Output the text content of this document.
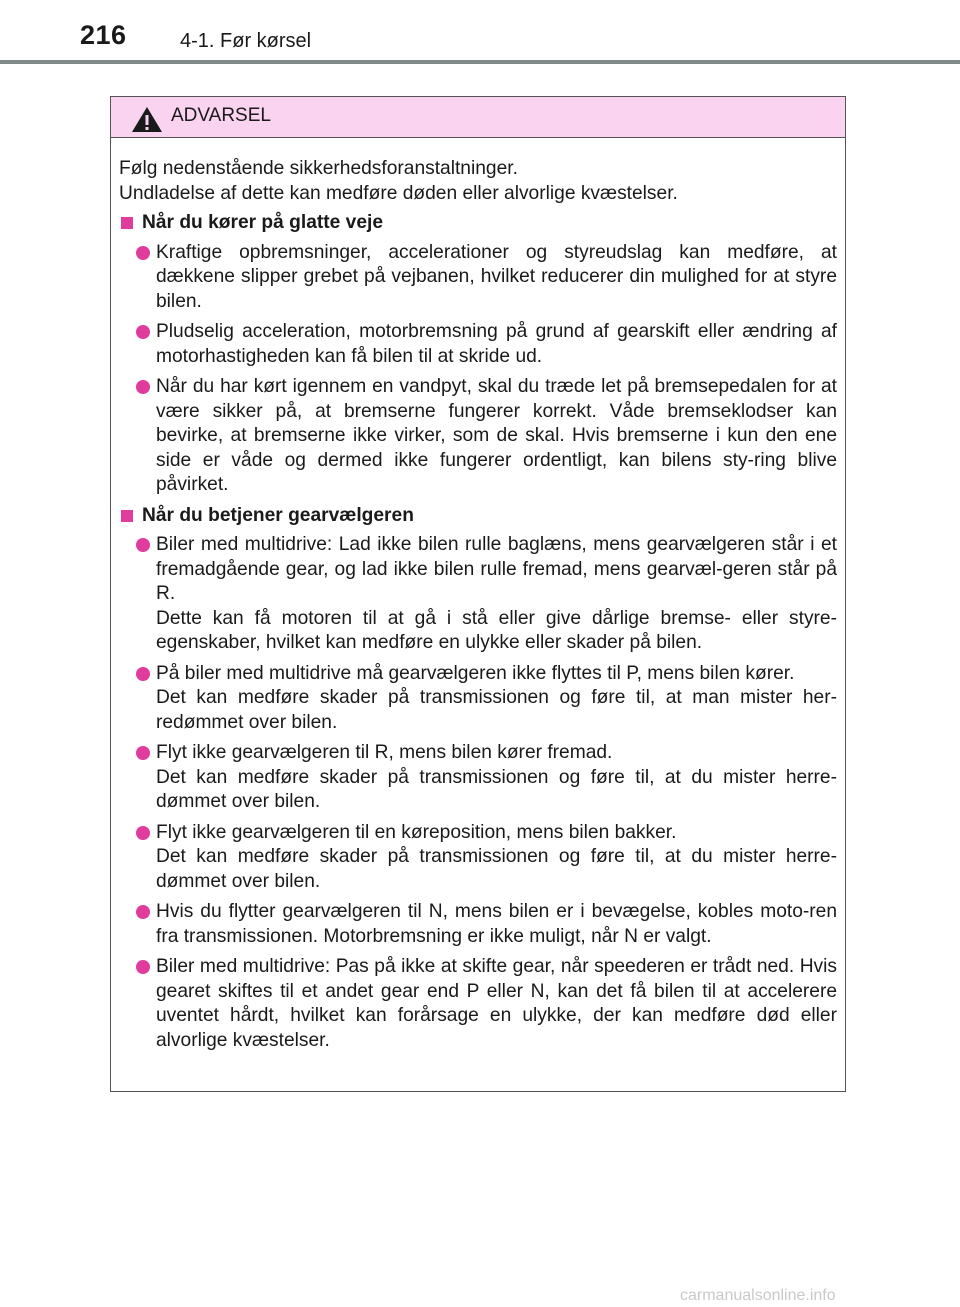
216	4-1. Før kørsel
ADVARSEL

Følg nedenstående sikkerhedsforanstaltninger.

Undladelse af dette kan medføre døden eller alvorlige kvæstelser.

Når du kører på glatte veje
Kraftige opbremsninger, accelerationer og styreudslag kan medføre, at dækkene slipper grebet på vejbanen, hvilket reducerer din mulighed for at styre bilen.
Pludselig acceleration, motorbremsning på grund af gearskift eller ændring af motorhastigheden kan få bilen til at skride ud.
Når du har kørt igennem en vandpyt, skal du træde let på bremsepedalen for at være sikker på, at bremserne fungerer korrekt. Våde bremseklodser kan bevirke, at bremserne ikke virker, som de skal. Hvis bremserne i kun den ene side er våde og dermed ikke fungerer ordentligt, kan bilens sty-ring blive påvirket.
Når du betjener gearvælgeren
Biler med multidrive: Lad ikke bilen rulle baglæns, mens gearvælgeren står i et fremadgående gear, og lad ikke bilen rulle fremad, mens gearvæl-geren står på R.
Dette kan få motoren til at gå i stå eller give dårlige bremse- eller styre-egenskaber, hvilket kan medføre en ulykke eller skader på bilen.
På biler med multidrive må gearvælgeren ikke flyttes til P, mens bilen kører.
Det kan medføre skader på transmissionen og føre til, at man mister her-redømmet over bilen.
Flyt ikke gearvælgeren til R, mens bilen kører fremad.
Det kan medføre skader på transmissionen og føre til, at du mister herre-dømmet over bilen.
Flyt ikke gearvælgeren til en køreposition, mens bilen bakker.
Det kan medføre skader på transmissionen og føre til, at du mister herre-dømmet over bilen.
Hvis du flytter gearvælgeren til N, mens bilen er i bevægelse, kobles moto-ren fra transmissionen. Motorbremsning er ikke muligt, når N er valgt.
Biler med multidrive: Pas på ikke at skifte gear, når speederen er trådt ned. Hvis gearet skiftes til et andet gear end P eller N, kan det få bilen til at accelerere uventet hårdt, hvilket kan forårsage en ulykke, der kan medføre død eller alvorlige kvæstelser.
carmanualsonline.info
